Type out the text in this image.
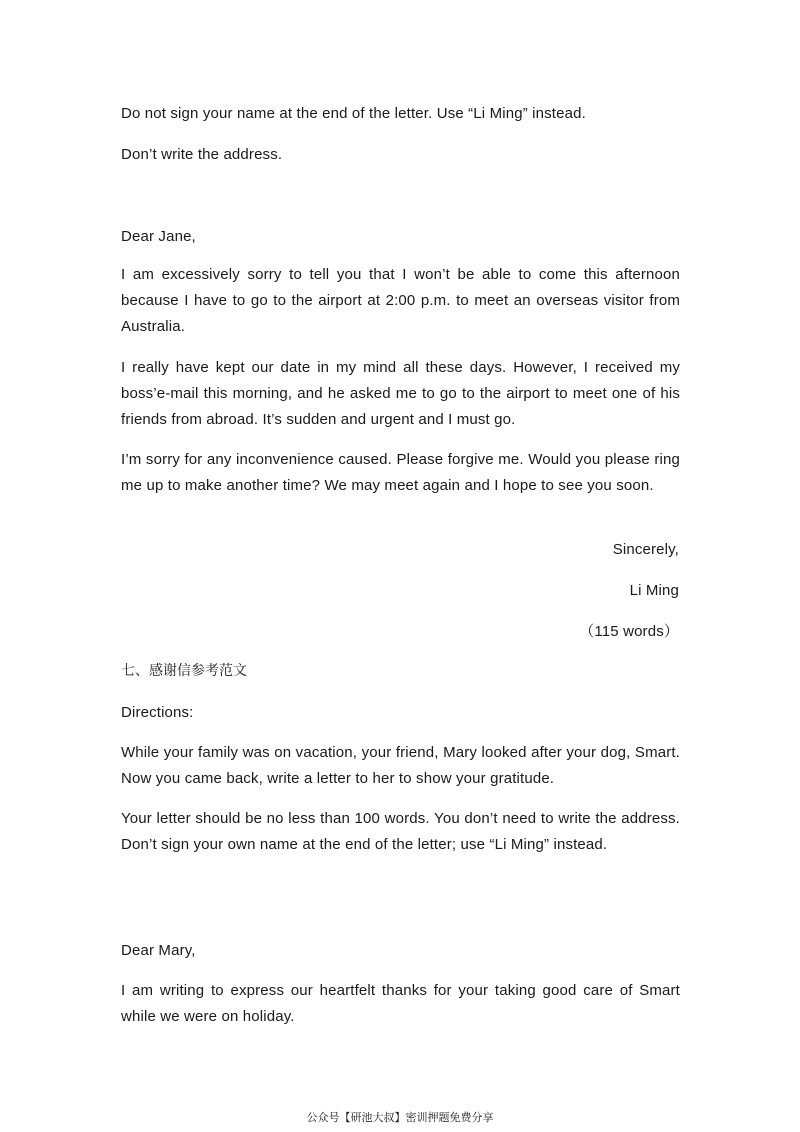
Do not sign your name at the end of the letter. Use “Li Ming” instead.
Don’t write the address.
Dear Jane,
I am excessively sorry to tell you that I won’t be able to come this afternoon because I have to go to the airport at 2:00 p.m. to meet an overseas visitor from Australia.
I really have kept our date in my mind all these days. However, I received my boss’e-mail this morning, and he asked me to go to the airport to meet one of his friends from abroad. It’s sudden and urgent and I must go.
I’m sorry for any inconvenience caused. Please forgive me. Would you please ring me up to make another time? We may meet again and I hope to see you soon.
Sincerely,
Li Ming
（115 words）
七、感谢信参考范文
Directions:
While your family was on vacation, your friend, Mary looked after your dog, Smart. Now you came back, write a letter to her to show your gratitude.
Your letter should be no less than 100 words. You don’t need to write the address. Don’t sign your own name at the end of the letter; use “Li Ming” instead.
Dear Mary,
I am writing to express our heartfelt thanks for your taking good care of Smart while we were on holiday.
公众号【研池大叔】密训押题免费分享
